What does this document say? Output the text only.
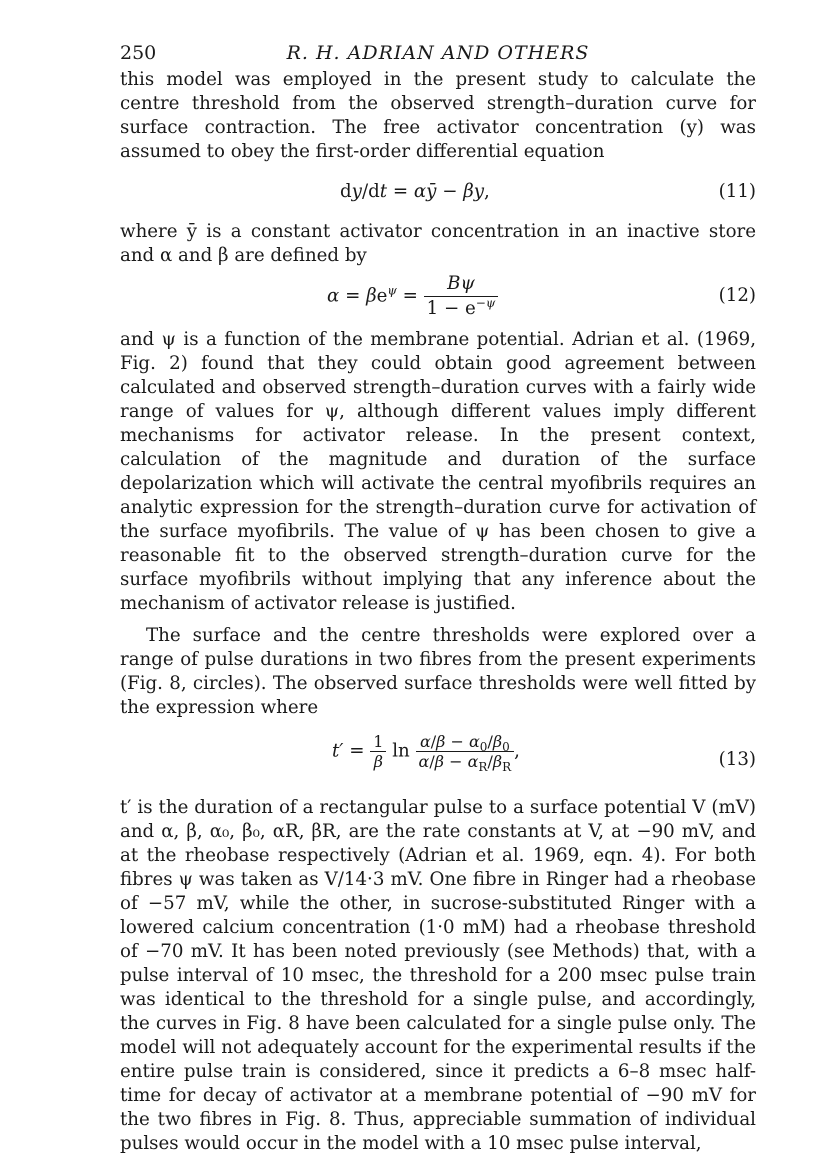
250	R. H. ADRIAN AND OTHERS

this model was employed in the present study to calculate the centre threshold from the observed strength–duration curve for surface contraction. The free activator concentration (y) was assumed to obey the first-order differential equation

dy/dt = αȳ − βy,	(11)

where ȳ is a constant activator concentration in an inactive store and α and β are defined by

$\alpha = \beta e^\psi = \frac{B\psi}{1 - e^{-\psi}}$	(12)

and ψ is a function of the membrane potential. Adrian et al. (1969, Fig. 2) found that they could obtain good agreement between calculated and observed strength–duration curves with a fairly wide range of values for ψ, although different values imply different mechanisms for activator release. In the present context, calculation of the magnitude and duration of the surface depolarization which will activate the central myofibrils requires an analytic expression for the strength–duration curve for activation of the surface myofibrils. The value of ψ has been chosen to give a reasonable fit to the observed strength–duration curve for the surface myofibrils without implying that any inference about the mechanism of activator release is justified.

The surface and the centre thresholds were explored over a range of pulse durations in two fibres from the present experiments (Fig. 8, circles). The observed surface thresholds were well fitted by the expression where

$t' = \frac{1}{\beta}$ $\ln \frac{\alpha/\beta - \alpha_0/\beta_0}{\alpha/\beta - \alpha_R/\beta_R}$ ,	(13)

t′ is the duration of a rectangular pulse to a surface potential V (mV) and α, β, α₀, β₀, αR, βR, are the rate constants at V, at −90 mV, and at the rheobase respectively (Adrian et al. 1969, eqn. 4). For both fibres ψ was taken as V/14·3 mV. One fibre in Ringer had a rheobase of −57 mV, while the other, in sucrose-substituted Ringer with a lowered calcium concentration (1·0 mM) had a rheobase threshold of −70 mV. It has been noted previously (see Methods) that, with a pulse interval of 10 msec, the threshold for a 200 msec pulse train was identical to the threshold for a single pulse, and accordingly, the curves in Fig. 8 have been calculated for a single pulse only. The model will not adequately account for the experimental results if the entire pulse train is considered, since it predicts a 6–8 msec half-time for decay of activator at a membrane potential of −90 mV for the two fibres in Fig. 8. Thus, appreciable summation of individual pulses would occur in the model with a 10 msec pulse interval,
